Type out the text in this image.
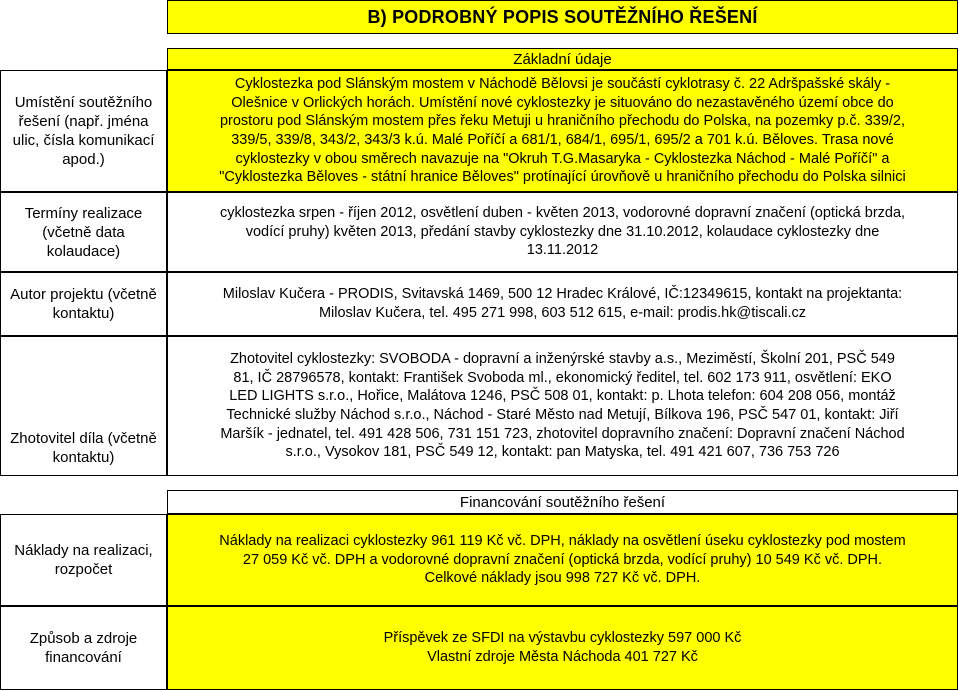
B) PODROBNÝ POPIS SOUTĚŽNÍHO ŘEŠENÍ
Základní údaje
Umístění soutěžního řešení (např. jména ulic, čísla komunikací apod.)

Cyklostezka pod Slánským mostem v Náchodě Bělovsi je součástí cyklotrasy č. 22 Adršpašské skály -

Olešnice v Orlických horách. Umístění nové cyklostezky je situováno do nezastavěného území obce do

prostoru pod Slánským mostem přes řeku Metuji u hraničního přechodu do Polska, na pozemky p.č. 339/2,

339/5, 339/8, 343/2, 343/3 k.ú. Malé Poříčí a 681/1, 684/1, 695/1, 695/2 a 701 k.ú. Běloves. Trasa nové

cyklostezky v obou směrech navazuje na "Okruh T.G.Masaryka - Cyklostezka Náchod - Malé Poříčí" a

"Cyklostezka Běloves - státní hranice Běloves" protínající úrovňově u hraničního přechodu do Polska silnici

Termíny realizace (včetně data kolaudace)

cyklostezka srpen - říjen 2012, osvětlení duben - květen 2013, vodorovné dopravní značení (optická brzda,

vodící pruhy) květen 2013, předání stavby cyklostezky dne 31.10.2012, kolaudace cyklostezky dne

13.11.2012

Autor projektu (včetně kontaktu)

Miloslav Kučera - PRODIS, Svitavská 1469, 500 12 Hradec Králové, IČ:12349615, kontakt na projektanta:

Miloslav Kučera, tel. 495 271 998, 603 512 615, e-mail: prodis.hk@tiscali.cz

Zhotovitel díla (včetně kontaktu)

Zhotovitel cyklostezky: SVOBODA - dopravní a inženýrské stavby a.s., Meziměstí, Školní 201, PSČ 549

81, IČ 28796578, kontakt: František Svoboda ml., ekonomický ředitel, tel. 602 173 911, osvětlení: EKO

LED LIGHTS s.r.o., Hořice, Malátova 1246, PSČ 508 01, kontakt: p. Lhota telefon: 604 208 056, montáž

Technické služby Náchod s.r.o., Náchod - Staré Město nad Metují, Bílkova 196, PSČ 547 01, kontakt: Jiří

Maršík - jednatel, tel. 491 428 506, 731 151 723, zhotovitel dopravního značení: Dopravní značení Náchod

s.r.o., Vysokov 181, PSČ 549 12, kontakt: pan Matyska, tel. 491 421 607, 736 753 726

Financování soutěžního řešení
Náklady na realizaci, rozpočet

Náklady na realizaci cyklostezky 961 119 Kč vč. DPH, náklady na osvětlení úseku cyklostezky pod mostem

27 059 Kč vč. DPH a vodorovné dopravní značení (optická brzda, vodící pruhy) 10 549 Kč vč. DPH.

Celkové náklady jsou 998 727 Kč vč. DPH.

Způsob a zdroje financování

Příspěvek ze SFDI na výstavbu cyklostezky 597 000 Kč

Vlastní zdroje Města Náchoda 401 727 Kč
